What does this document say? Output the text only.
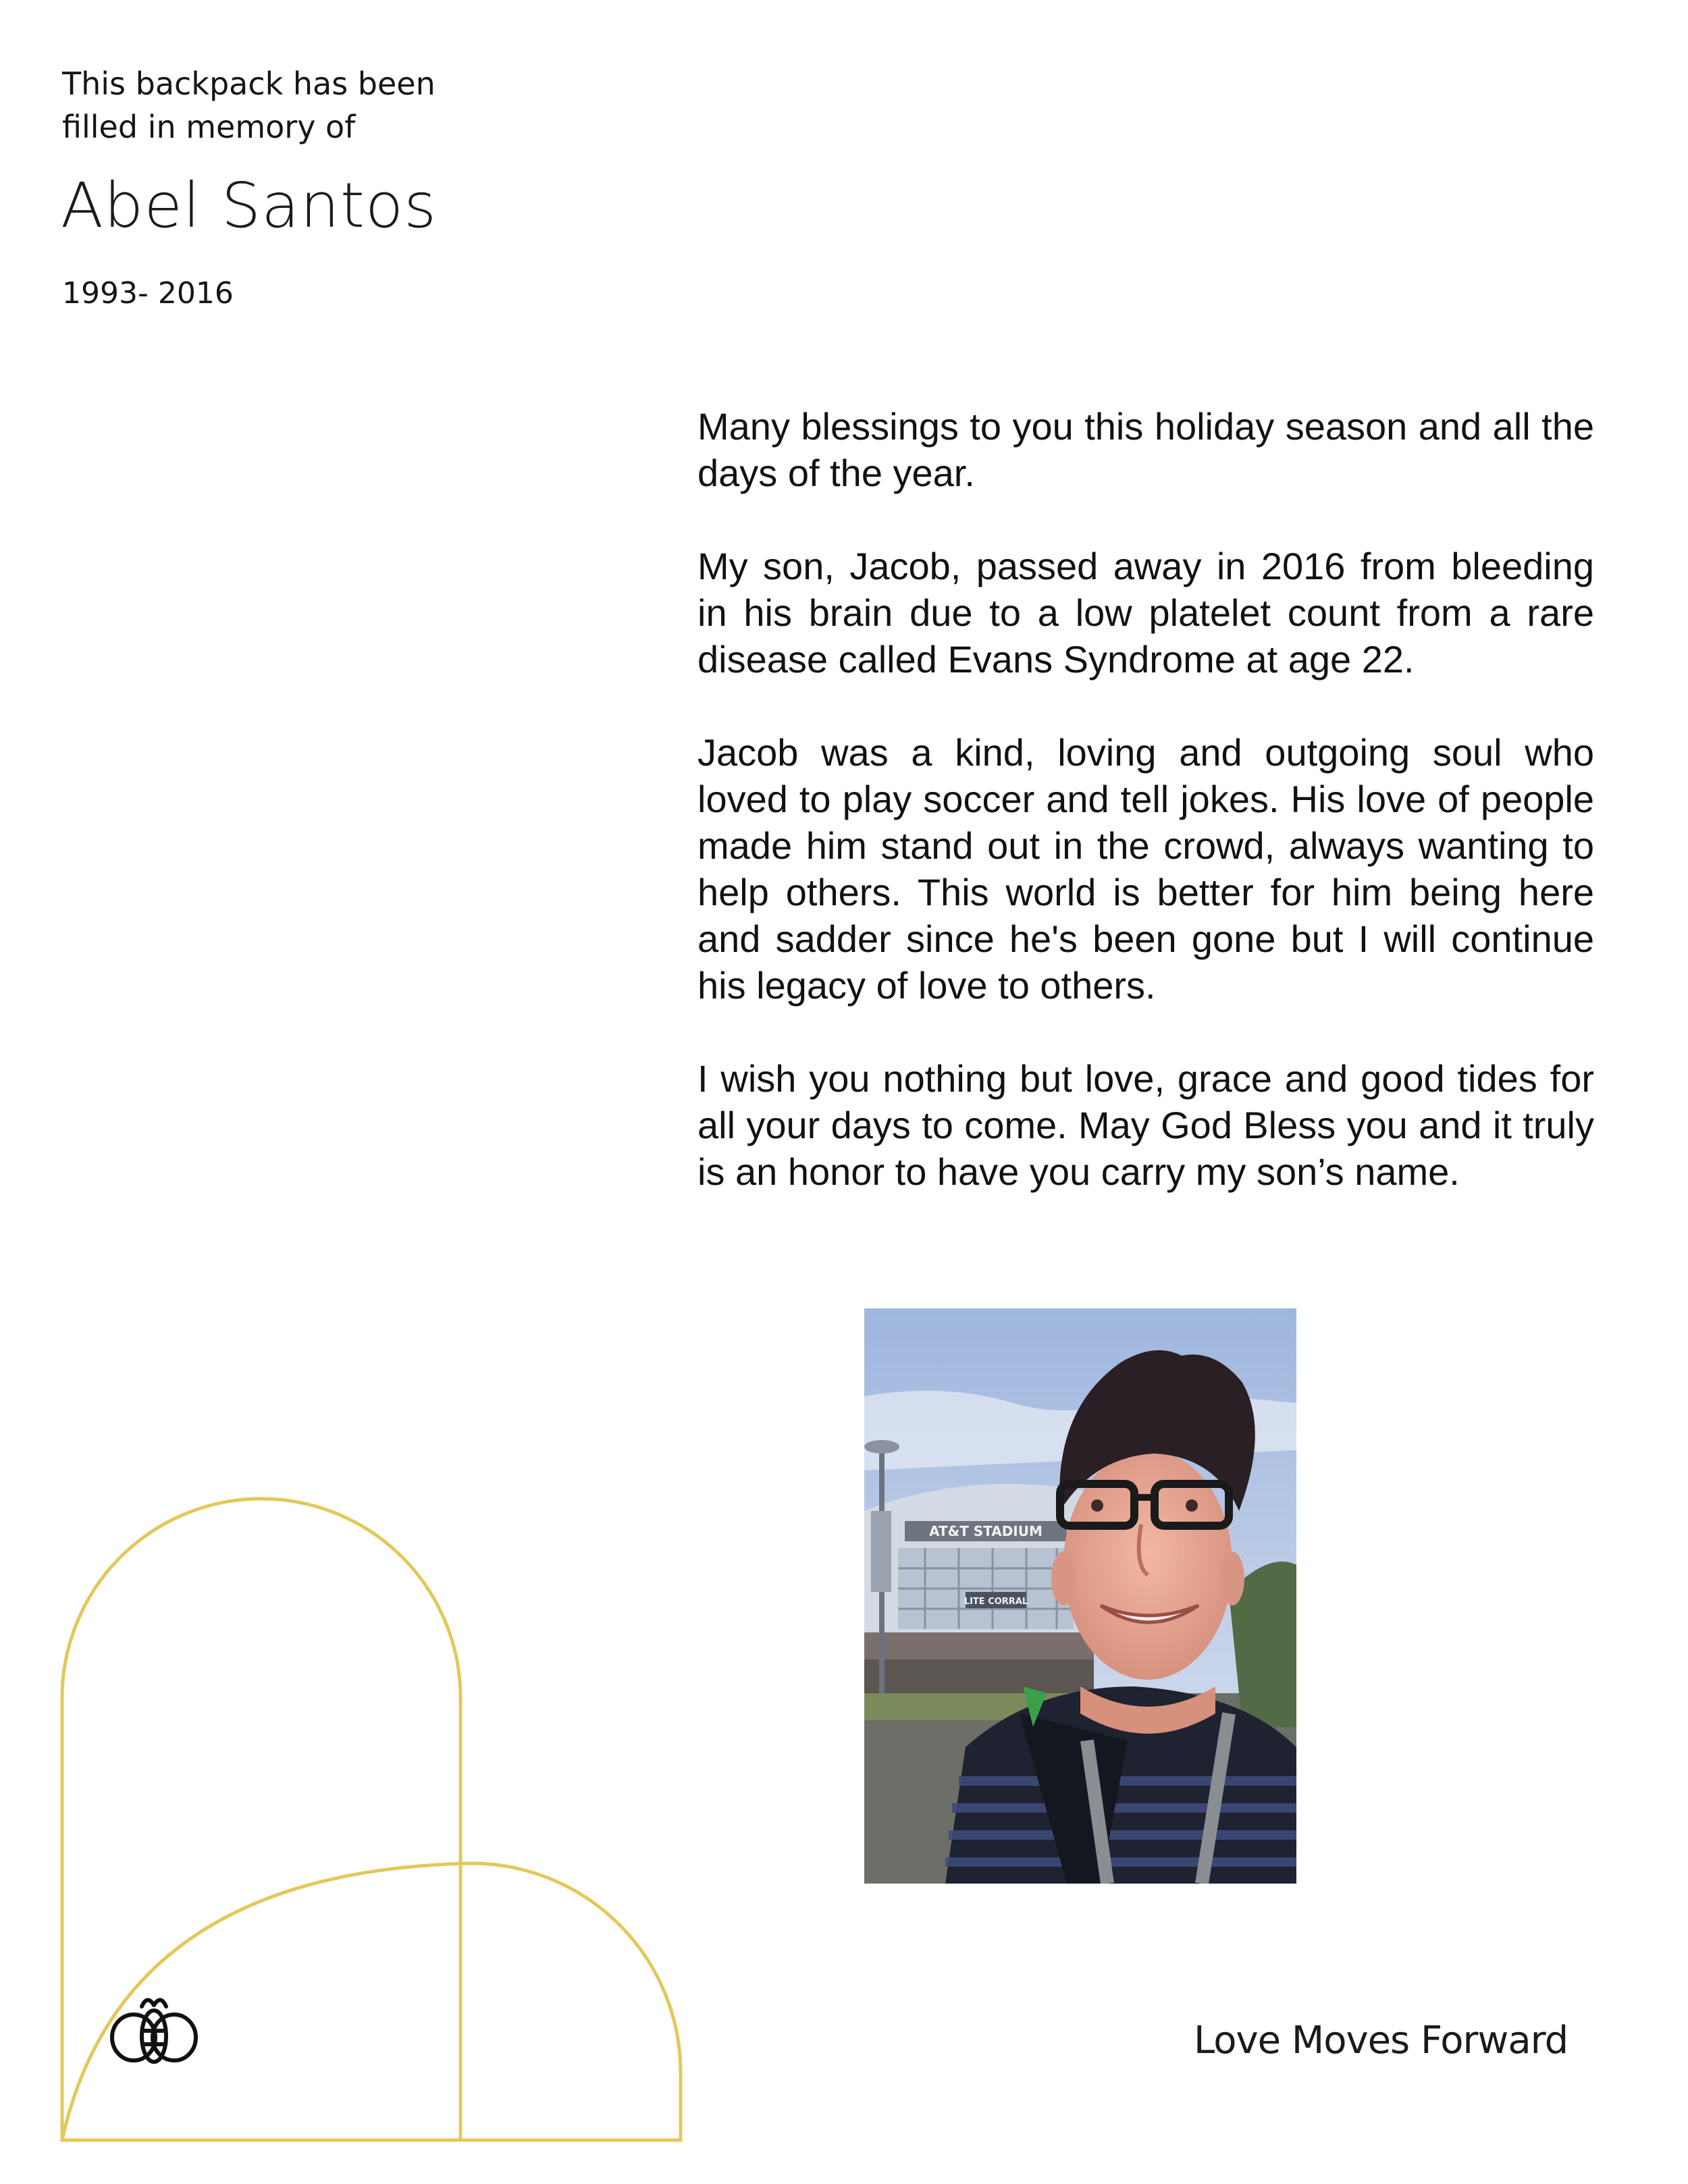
This backpack has been
filled in memory of
Abel Santos
1993- 2016

Many blessings to you this holiday season and all the days of the year.

My son, Jacob, passed away in 2016 from bleeding in his brain due to a low platelet count from a rare disease called Evans Syndrome at age 22.

Jacob was a kind, loving and outgoing soul who loved to play soccer and tell jokes. His love of people made him stand out in the crowd, always wanting to help others. This world is better for him being here and sadder since he's been gone but I will continue his legacy of love to others.

I wish you nothing but love, grace and good tides for all your days to come. May God Bless you and it truly is an honor to have you carry my son’s name.

AT&T STADIUM
LITE CORRAL
Love Moves Forward
